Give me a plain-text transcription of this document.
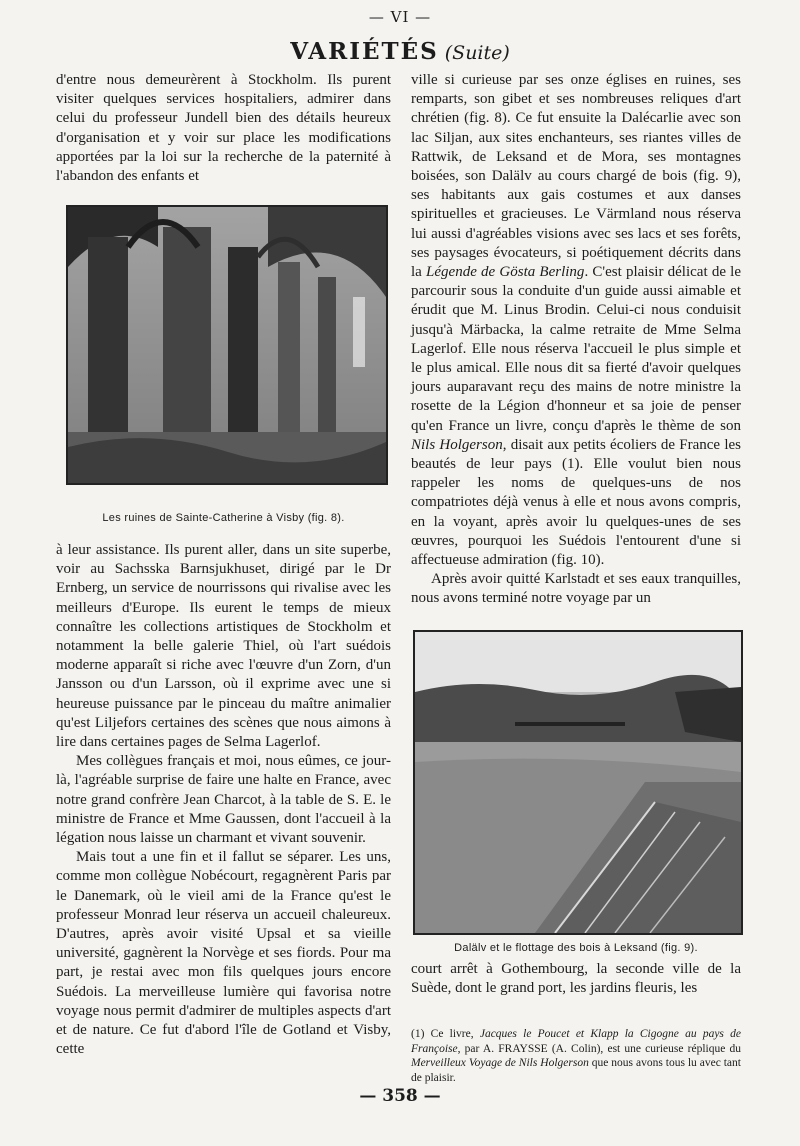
— VI —
VARIÉTÉS (Suite)

d'entre nous demeurèrent à Stockholm. Ils purent visiter quelques services hospitaliers, admirer dans celui du professeur Jundell bien des détails heureux d'organisation et y voir sur place les modifications apportées par la loi sur la recherche de la paternité à l'abandon des enfants et

Les ruines de Sainte-Catherine à Visby (fig. 8).

à leur assistance. Ils purent aller, dans un site superbe, voir au Sachsska Barnsjukhuset, dirigé par le Dr Ernberg, un service de nourrissons qui rivalise avec les meilleurs d'Europe. Ils eurent le temps de mieux connaître les collections artistiques de Stockholm et notamment la belle galerie Thiel, où l'art suédois moderne apparaît si riche avec l'œuvre d'un Zorn, d'un Jansson ou d'un Larsson, où il exprime avec une si heureuse puissance par le pinceau du maître animalier qu'est Liljefors certaines des scènes que nous aimons à lire dans certaines pages de Selma Lagerlof.

Mes collègues français et moi, nous eûmes, ce jour-là, l'agréable surprise de faire une halte en France, avec notre grand confrère Jean Charcot, à la table de S. E. le ministre de France et Mme Gaussen, dont l'accueil à la légation nous laisse un charmant et vivant souvenir.

Mais tout a une fin et il fallut se séparer. Les uns, comme mon collègue Nobécourt, regagnèrent Paris par le Danemark, où le vieil ami de la France qu'est le professeur Monrad leur réserva un accueil chaleureux. D'autres, après avoir visité Upsal et sa vieille université, gagnèrent la Norvège et ses fiords. Pour ma part, je restai avec mon fils quelques jours encore Suédois. La merveilleuse lumière qui favorisa notre voyage nous permit d'admirer de multiples aspects d'art et de nature. Ce fut d'abord l'île de Gotland et Visby, cette

ville si curieuse par ses onze églises en ruines, ses remparts, son gibet et ses nombreuses reliques d'art chrétien (fig. 8). Ce fut ensuite la Dalécarlie avec son lac Siljan, aux sites enchanteurs, ses riantes villes de Rattwik, de Leksand et de Mora, ses montagnes boisées, son Dalälv au cours chargé de bois (fig. 9), ses habitants aux gais costumes et aux danses spirituelles et gracieuses. Le Värmland nous réserva lui aussi d'agréables visions avec ses lacs et ses forêts, ses paysages évocateurs, si poétiquement décrits dans la Légende de Gösta Berling. C'est plaisir délicat de le parcourir sous la conduite d'un guide aussi aimable et érudit que M. Linus Brodin. Celui-ci nous conduisit jusqu'à Märbacka, la calme retraite de Mme Selma Lagerlof. Elle nous réserva l'accueil le plus simple et le plus amical. Elle nous dit sa fierté d'avoir quelques jours auparavant reçu des mains de notre ministre la rosette de la Légion d'honneur et sa joie de penser qu'en France un livre, conçu d'après le thème de son Nils Holgerson, disait aux petits écoliers de France les beautés de leur pays (1). Elle voulut bien nous rappeler les noms de quelques-uns de nos compatriotes déjà venus à elle et nous avons compris, en la voyant, après avoir lu quelques-unes de ses œuvres, pourquoi les Suédois l'entourent d'une si affectueuse admiration (fig. 10).

Après avoir quitté Karlstadt et ses eaux tranquilles, nous avons terminé notre voyage par un

Dalälv et le flottage des bois à Leksand (fig. 9).

court arrêt à Gothembourg, la seconde ville de la Suède, dont le grand port, les jardins fleuris, les

(1) Ce livre, Jacques le Poucet et Klapp la Cigogne au pays de Françoise, par A. FRAYSSE (A. Colin), est une curieuse réplique du Merveilleux Voyage de Nils Holgerson que nous avons tous lu avec tant de plaisir.
— 358 —
